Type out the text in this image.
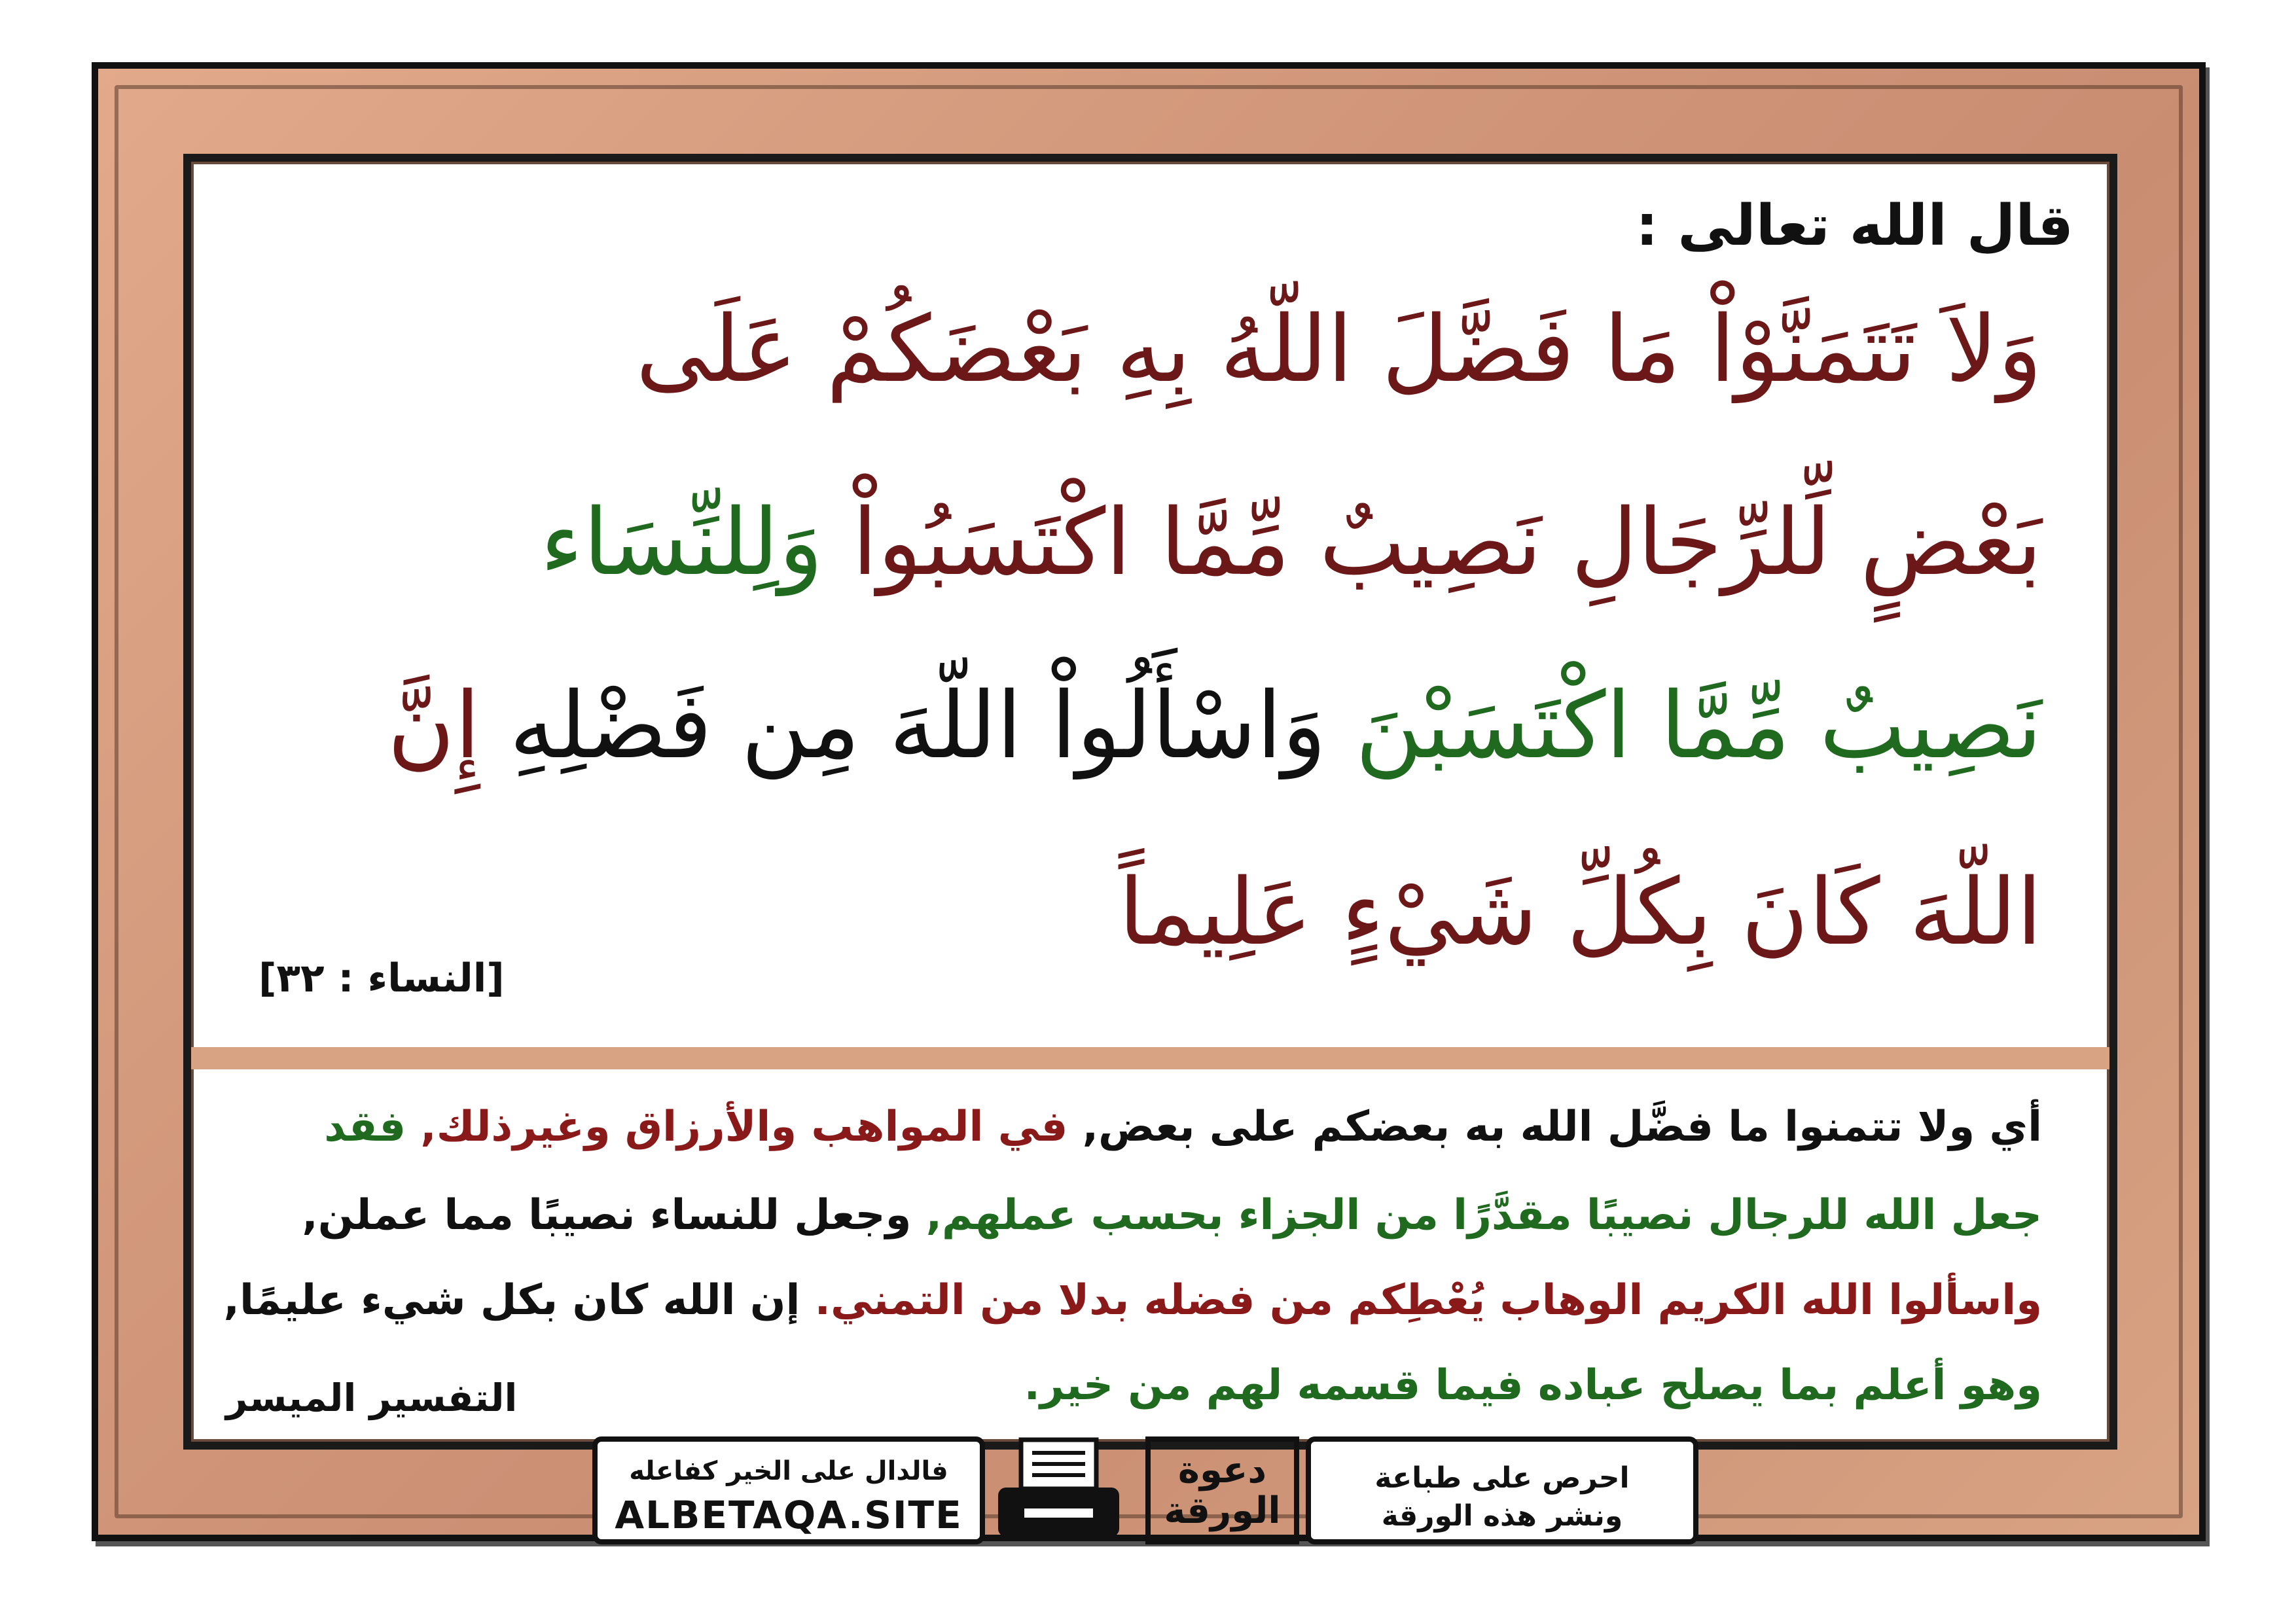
قال الله تعالى :
وَلاَ تَتَمَنَّوْاْ مَا فَضَّلَ اللّهُ بِهِ بَعْضَكُمْ عَلَى
بَعْضٍ لِّلرِّجَالِ نَصِيبٌ مِّمَّا اكْتَسَبُواْ وَلِلنِّسَاء
نَصِيبٌ مِّمَّا اكْتَسَبْنَ وَاسْأَلُواْ اللّهَ مِن فَضْلِهِ إِنَّ
اللّهَ كَانَ بِكُلِّ شَيْءٍ عَلِيماً
[النساء : ٣٢]
أي ولا تتمنوا ما فضَّل الله به بعضكم على بعض, في المواهب والأرزاق وغيرذلك, فقد
جعل الله للرجال نصيبًا مقدَّرًا من الجزاء بحسب عملهم, وجعل للنساء نصيبًا مما عملن,
واسألوا الله الكريم الوهاب يُعْطِكم من فضله بدلا من التمني. إن الله كان بكل شيء عليمًا,
وهو أعلم بما يصلح عباده فيما قسمه لهم من خير.
التفسير الميسر
فالدال على الخير كفاعله
ALBETAQA.SITE
دعوة
الورقة
احرص على طباعة
ونشر هذه الورقة
